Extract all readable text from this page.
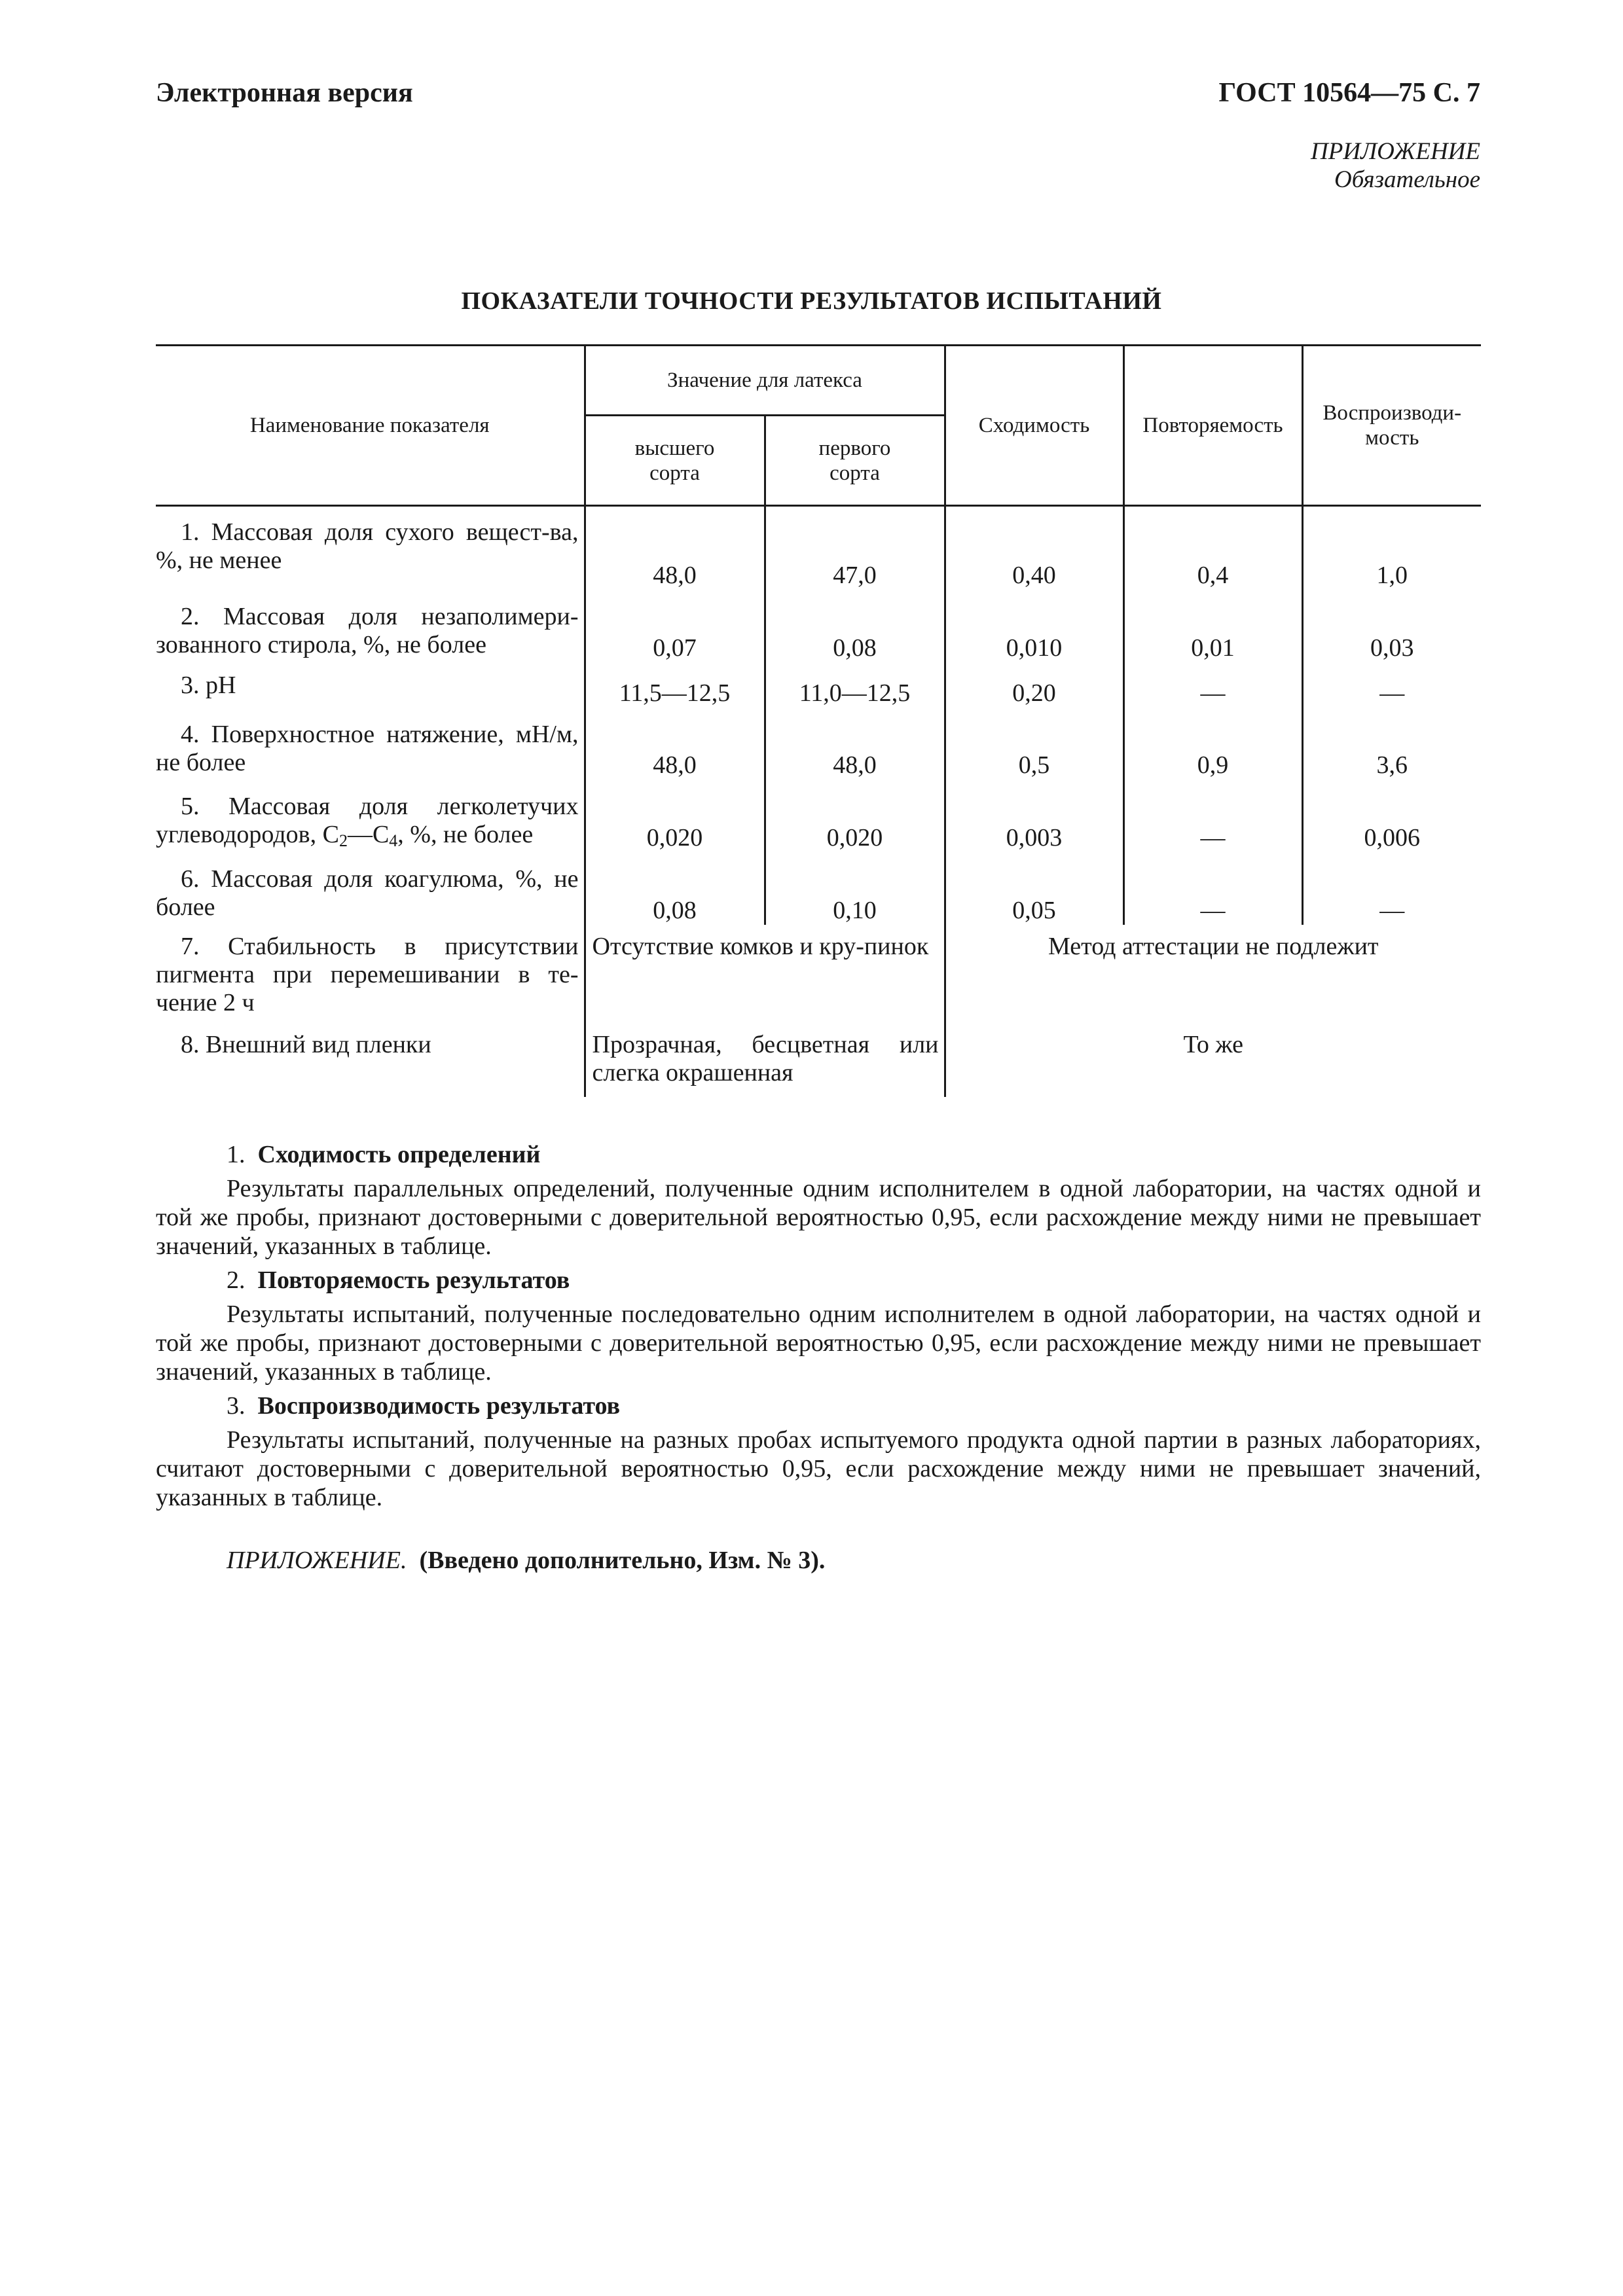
Электронная версия	ГОСТ 10564—75 С. 7
ПРИЛОЖЕНИЕ
Обязательное
ПОКАЗАТЕЛИ ТОЧНОСТИ РЕЗУЛЬТАТОВ ИСПЫТАНИЙ
Наименование показателя	Значение для латекса		Сходимость	Повторяемость	Воспроизводи-мость
	высшего сорта	первого сорта			
1. Массовая доля сухого вещест-ва, %, не менее	48,0	47,0	0,40	0,4	1,0
2. Массовая доля незаполимери-зованного стирола, %, не более	0,07	0,08	0,010	0,01	0,03
3. pH	11,5—12,5	11,0—12,5	0,20	—	—
4. Поверхностное натяжение, мН/м, не более	48,0	48,0	0,5	0,9	3,6
5. Массовая доля легколетучих углеводородов, $C_2—C_4$, %, не более	0,020	0,020	0,003	—	0,006
6. Массовая доля коагулюма, %, не более	0,08	0,10	0,05	—	—
7. Стабильность в присутствии пигмента при перемешивании в те-чение 2 ч	Отсутствие комков и кру-пинок		Метод аттестации не подлежит		
8. Внешний вид пленки	Прозрачная, бесцветная или слегка окрашенная		То же		

1. Сходимость определений

Результаты параллельных определений, полученные одним исполнителем в одной лаборатории, на частях одной и той же пробы, признают достоверными с доверительной вероятностью 0,95, если расхождение между ними не превышает значений, указанных в таблице.

2. Повторяемость результатов

Результаты испытаний, полученные последовательно одним исполнителем в одной лаборатории, на частях одной и той же пробы, признают достоверными с доверительной вероятностью 0,95, если расхождение между ними не превышает значений, указанных в таблице.

3. Воспроизводимость результатов

Результаты испытаний, полученные на разных пробах испытуемого продукта одной партии в разных лабораториях, считают достоверными с доверительной вероятностью 0,95, если расхождение между ними не превышает значений, указанных в таблице.

ПРИЛОЖЕНИЕ. (Введено дополнительно, Изм. № 3).
